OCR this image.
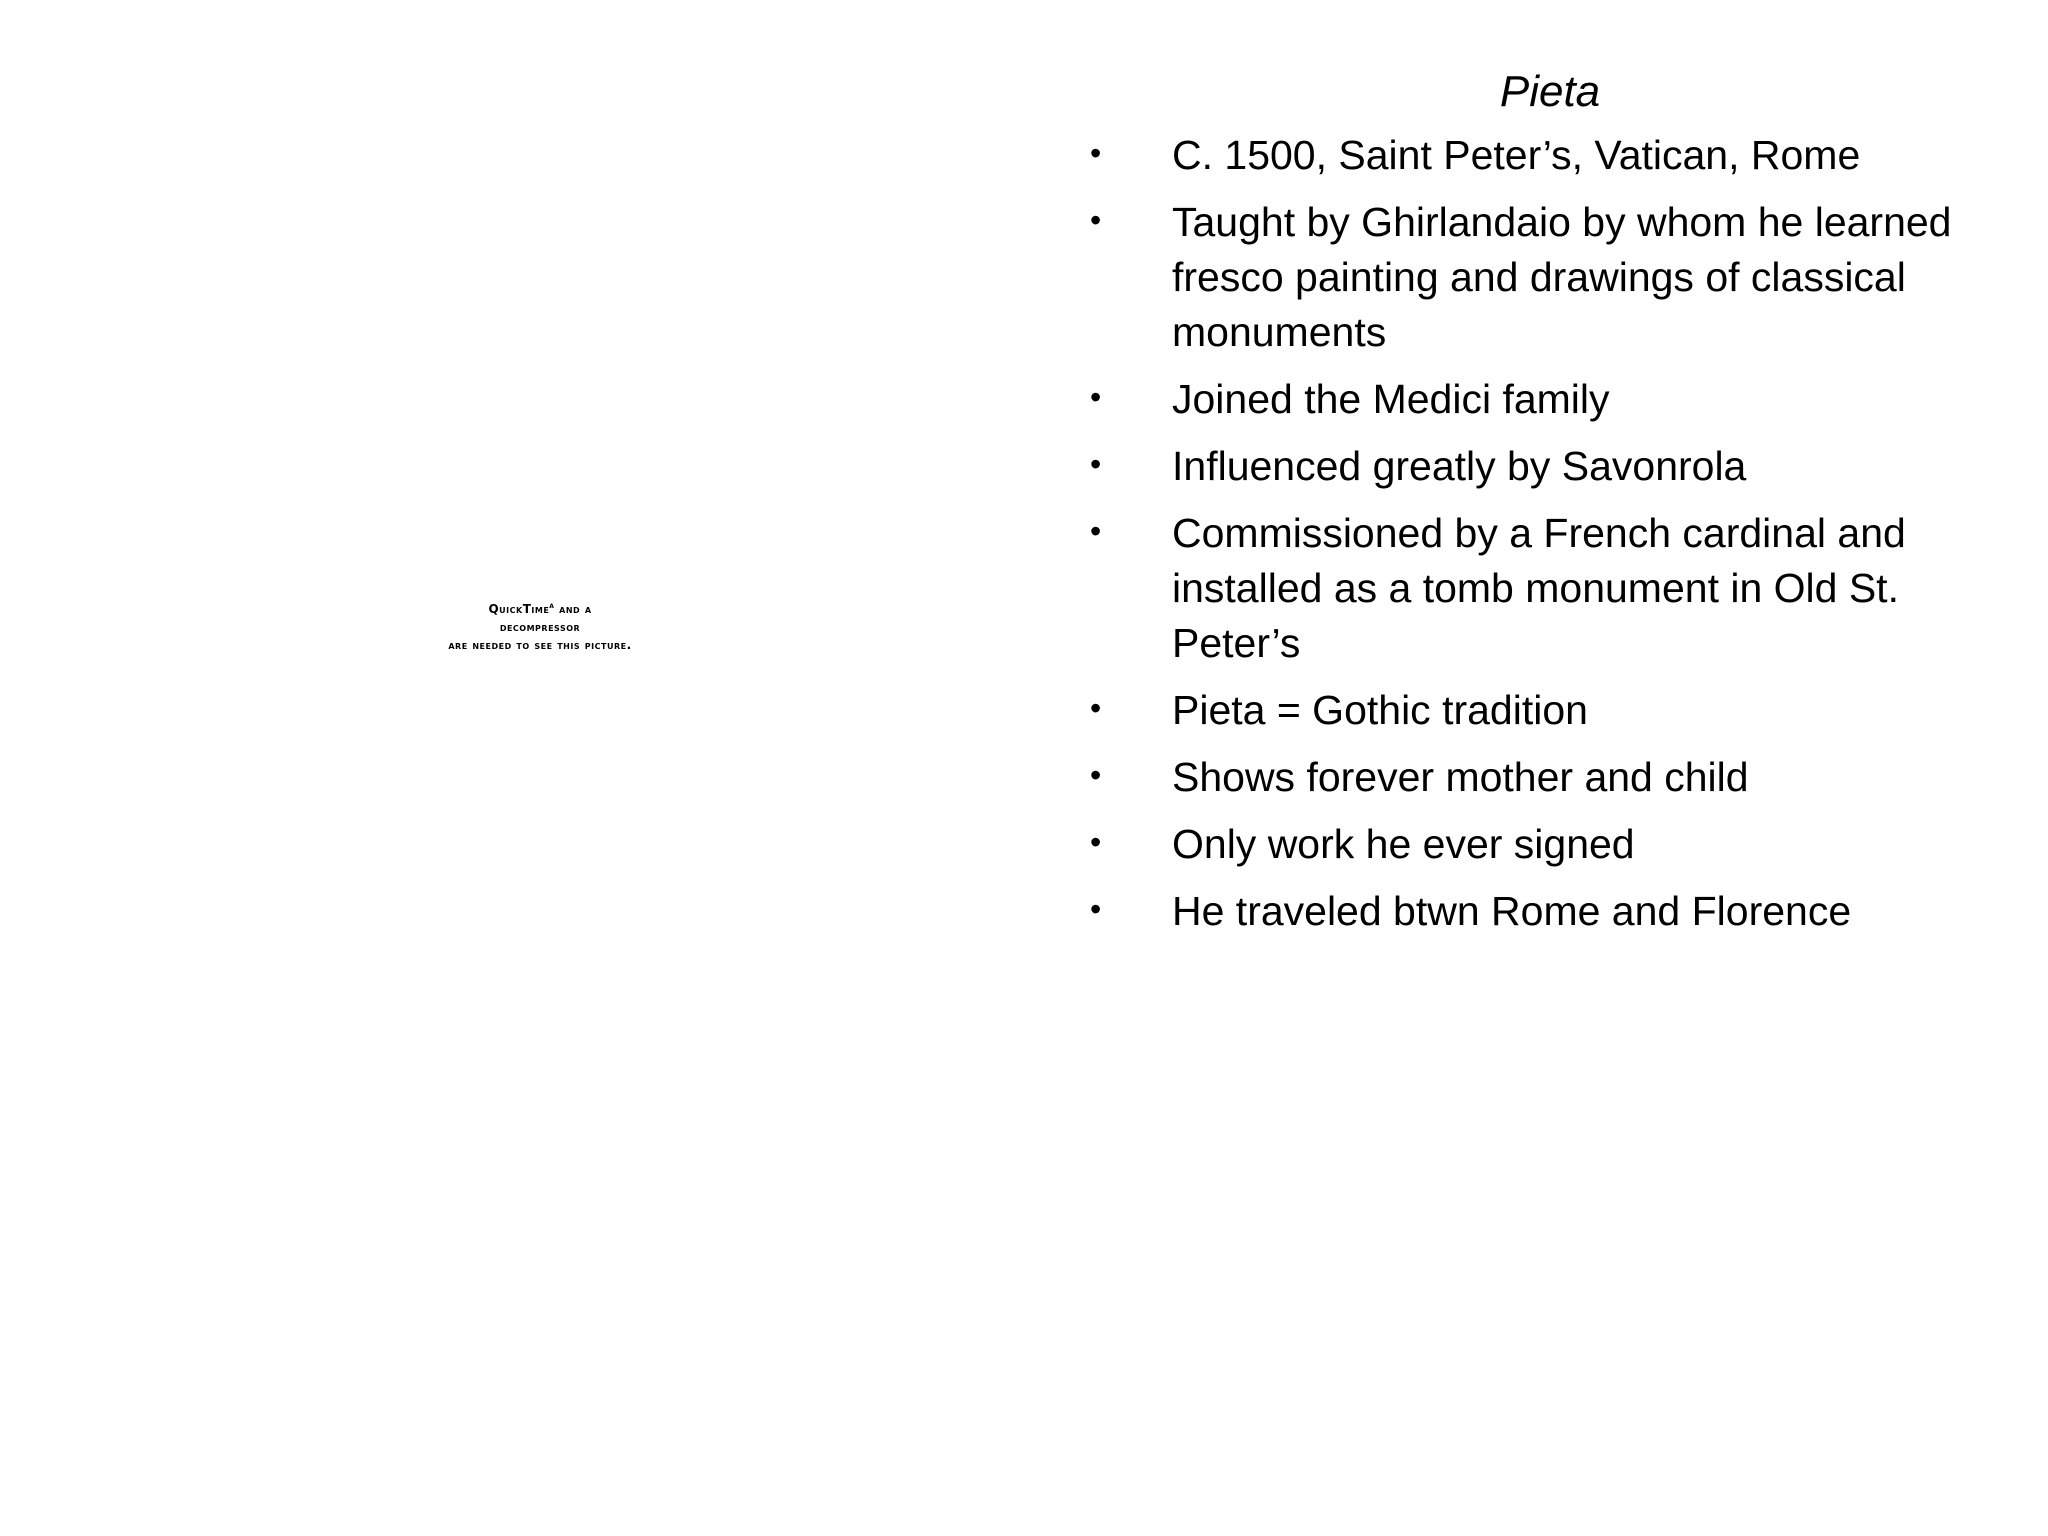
QuickTime$^a$ and a
decompressor
are needed to see this picture.
Pieta
•	C. 1500, Saint Peter’s, Vatican, Rome
•	Taught by Ghirlandaio by whom he learned fresco painting and drawings of classical monuments
•	Joined the Medici family
•	Influenced greatly by Savonrola
•	Commissioned by a French cardinal and installed as a tomb monument in Old St. Peter’s
•	Pieta = Gothic tradition
•	Shows forever mother and child
•	Only work he ever signed
•	He traveled btwn Rome and Florence
